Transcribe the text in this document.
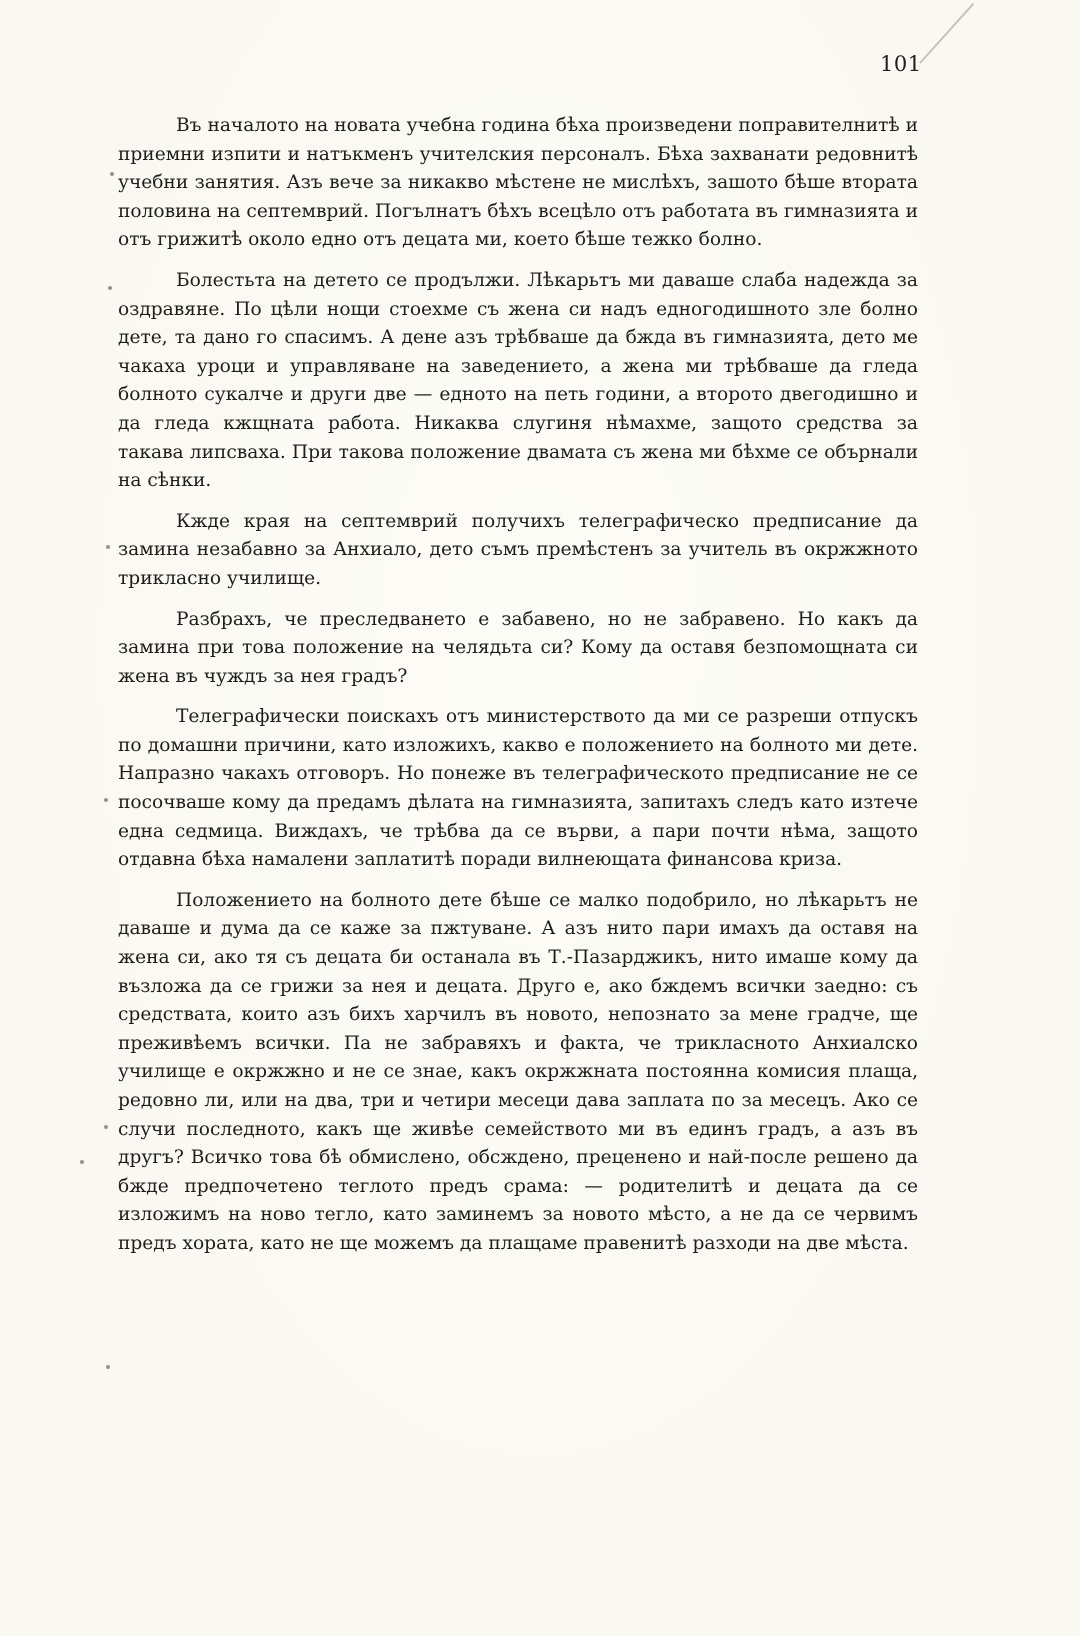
101

Въ началото на новата учебна година бѣха произведени поправителнитѣ и приемни изпити и натъкменъ учителския персоналъ. Бѣха захванати редовнитѣ учебни занятия. Азъ вече за никакво мѣстене не мислѣхъ, зашото бѣше втората половина на септемврий. Погълнатъ бѣхъ всецѣло отъ работата въ гимназията и отъ грижитѣ около едно отъ децата ми, което бѣше тежко болно.

Болестьта на детето се продължи. Лѣкарьтъ ми даваше слаба надежда за оздравяне. По цѣли нощи стоехме съ жена си надъ едногодишното зле болно дете, та дано го спасимъ. А дене азъ трѣбваше да бжда въ гимназията, дето ме чакаха уроци и управляване на заведението, а жена ми трѣбваше да гледа болното сукалче и други две — едното на петь години, а второто двегодишно и да гледа кжщната работа. Никаква слугиня нѣмахме, защото средства за такава липсваха. При такова положение двамата съ жена ми бѣхме се обърнали на сѣнки.

Кжде края на септемврий получихъ телеграфическо предписание да замина незабавно за Анхиало, дето съмъ премѣстенъ за учитель въ окржжното трикласно училище.

Разбрахъ, че преследването е забавено, но не забравено. Но какъ да замина при това положение на челядьта си? Кому да оставя безпомощната си жена въ чуждъ за нея градъ?

Телеграфически поискахъ отъ министерството да ми се разреши отпускъ по домашни причини, като изложихъ, какво е положението на болното ми дете. Напразно чакахъ отговоръ. Но понеже въ телеграфическото предписание не се посочваше кому да предамъ дѣлата на гимназията, запитахъ следъ като изтече една седмица. Виждахъ, че трѣбва да се върви, а пари почти нѣма, защото отдавна бѣха намалени заплатитѣ поради вилнеющата финансова криза.

Положението на болното дете бѣше се малко подобрило, но лѣкарьтъ не даваше и дума да се каже за пжтуване. А азъ нито пари имахъ да оставя на жена си, ако тя съ децата би останала въ Т.-Пазарджикъ, нито имаше кому да възложа да се грижи за нея и децата. Друго е, ако бждемъ всички заедно: съ средствата, които азъ бихъ харчилъ въ новото, непознато за мене градче, ще преживѣемъ всички. Па не забравяхъ и факта, че трикласното Анхиалско училище е окржжно и не се знае, какъ окржжната постоянна комисия плаща, редовно ли, или на два, три и четири месеци дава заплата по за месецъ. Ако се случи последното, какъ ще живѣе семейството ми въ единъ градъ, а азъ въ другъ? Всичко това бѣ обмислено, обсждено, преценено и най-после решено да бжде предпочетено теглото предъ срама: — родителитѣ и децата да се изложимъ на ново тегло, като заминемъ за новото мѣсто, а не да се червимъ предъ хората, като не ще можемъ да плащаме правенитѣ разходи на две мѣста.
